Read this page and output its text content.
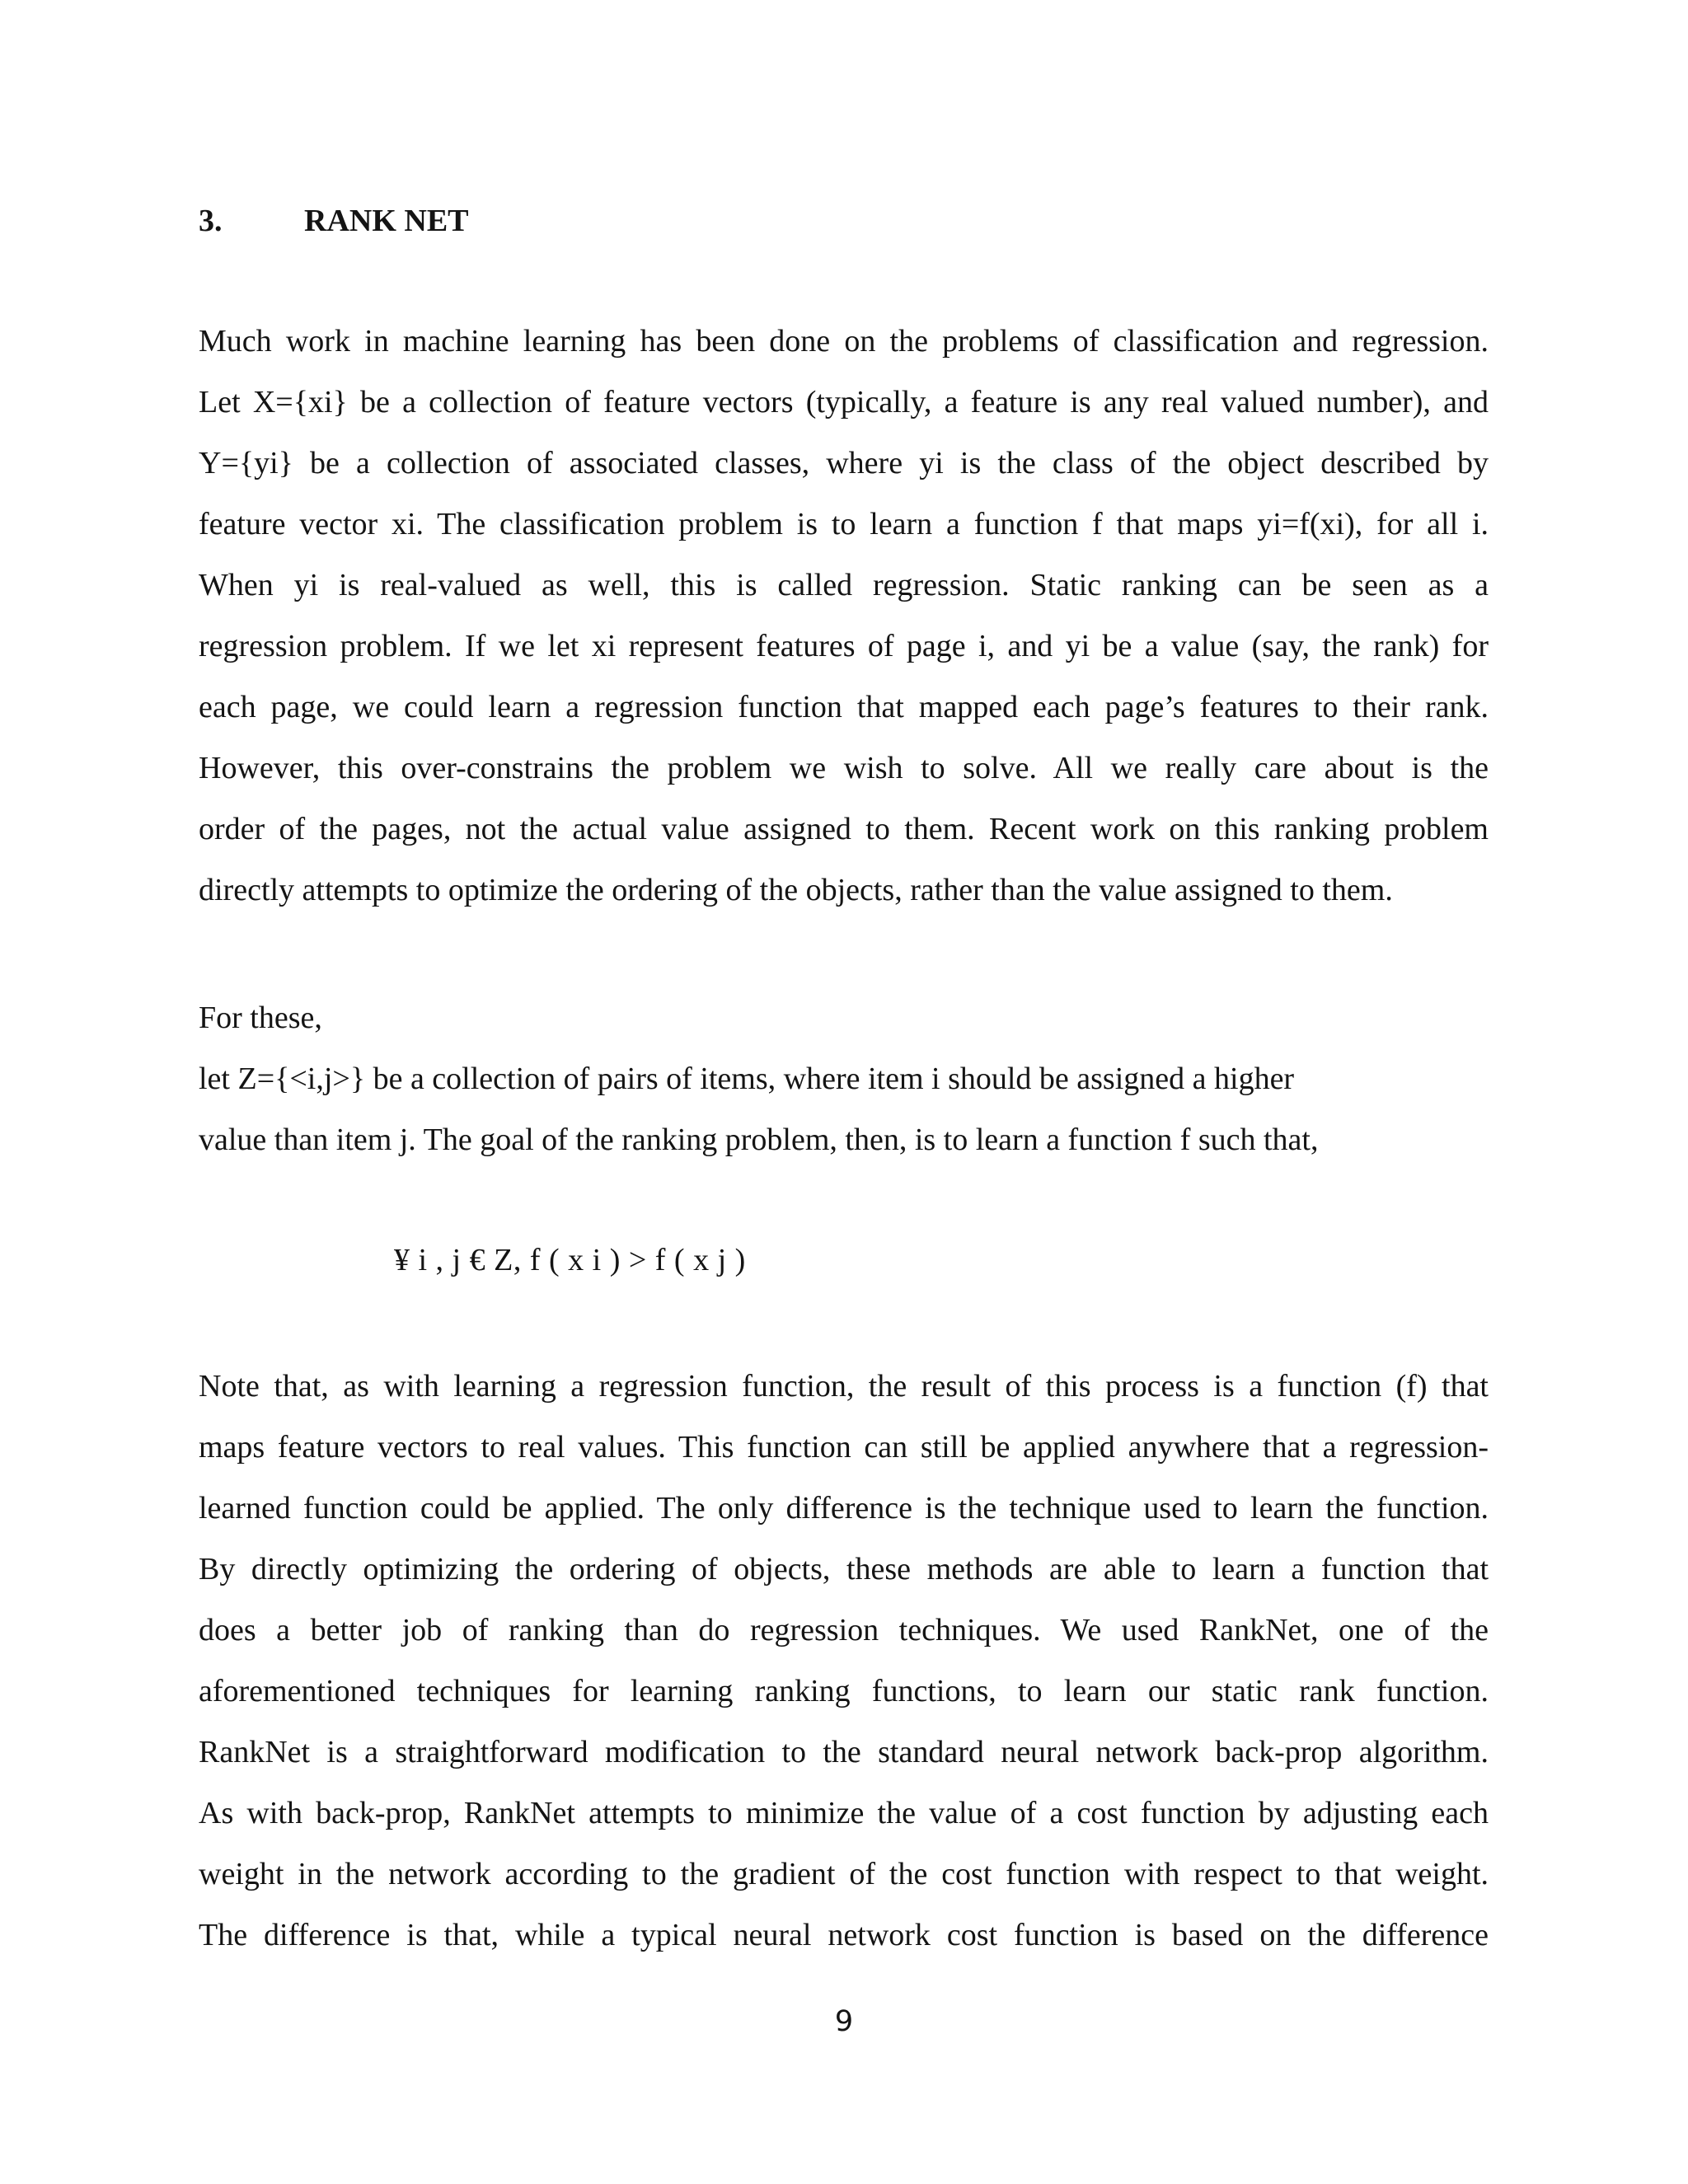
3.	RANK NET
Much work in machine learning has been done on the problems of classification and regression.
Let X={xi} be a collection of feature vectors (typically, a feature is any real valued number), and
Y={yi} be a collection of associated classes, where yi is the class of the object described by
feature vector xi. The classification problem is to learn a function f that maps yi=f(xi), for all i.
When yi is real-valued as well, this is called regression. Static ranking can be seen as a
regression problem. If we let xi represent features of page i, and yi be a value (say, the rank) for
each page, we could learn a regression function that mapped each page’s features to their rank.
However, this over-constrains the problem we wish to solve. All we really care about is the
order of the pages, not the actual value assigned to them. Recent work on this ranking problem
directly attempts to optimize the ordering of the objects, rather than the value assigned to them.
For these,
let Z={<i,j>} be a collection of pairs of items, where item i should be assigned a higher
value than item j. The goal of the ranking problem, then, is to learn a function f such that,
¥ i , j € Z, f ( x i ) > f ( x j )
Note that, as with learning a regression function, the result of this process is a function (f) that
maps feature vectors to real values. This function can still be applied anywhere that a regression-
learned function could be applied. The only difference is the technique used to learn the function.
By directly optimizing the ordering of objects, these methods are able to learn a function that
does a better job of ranking than do regression techniques. We used RankNet, one of the
aforementioned techniques for learning ranking functions, to learn our static rank function.
RankNet is a straightforward modification to the standard neural network back-prop algorithm.
As with back-prop, RankNet attempts to minimize the value of a cost function by adjusting each
weight in the network according to the gradient of the cost function with respect to that weight.
The difference is that, while a typical neural network cost function is based on the difference
9
